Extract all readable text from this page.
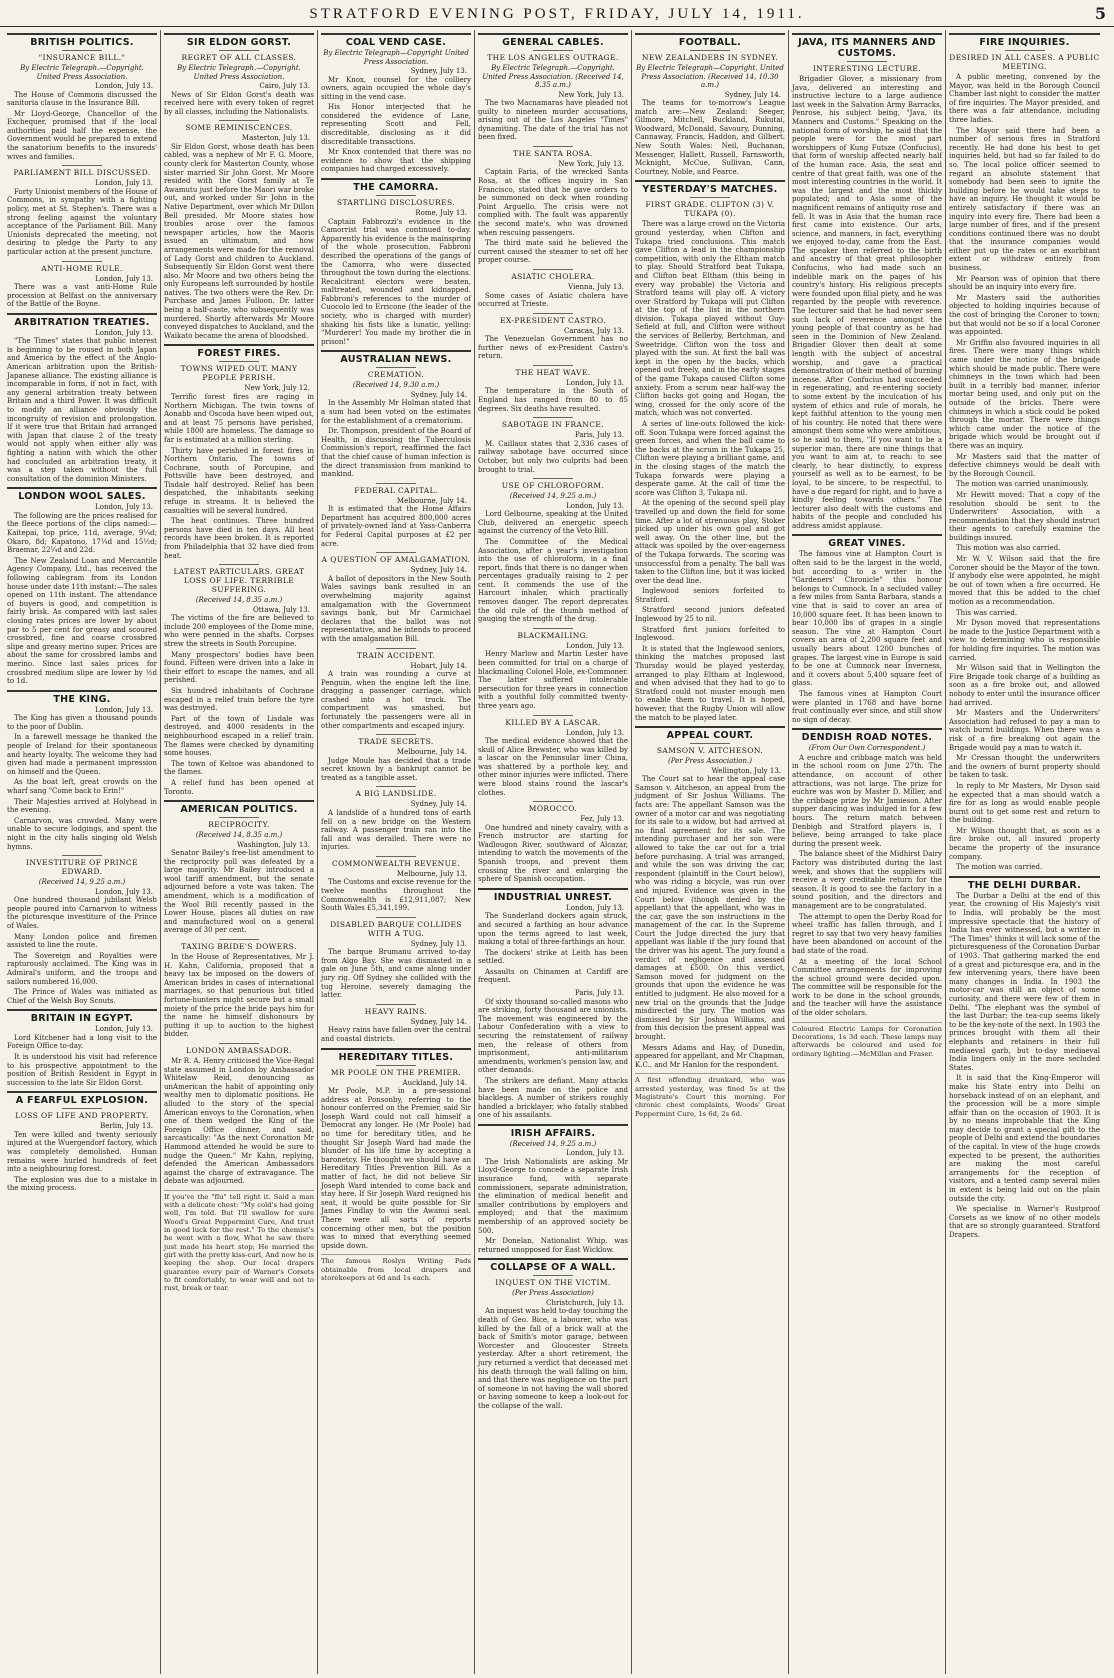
STRATFORD EVENING POST, FRIDAY, JULY 14, 1911.	5
BRITISH POLITICS.
"INSURANCE BILL."
By Electric Telegraph.—Copyright. United Press Association.
London, July 13.

The House of Commons discussed the sanitoria clause in the Insurance Bill.

Mr Lloyd-George, Chancellor of the Exchequer, promised that if the local authorities paid half the expense, the Government would be prepared to extend the sanatorium benefits to the insureds' wives and families.

PARLIAMENT BILL DISCUSSED.
London, July 13.

Forty Unionist members of the House of Commons, in sympathy with a fighting policy, met at St. Stephen's. There was a strong feeling against the voluntary acceptance of the Parliament Bill. Many Unionists deprecated the meeting, not desiring to pledge the Party to any particular action at the present juncture.

ANTI-HOME RULE.
London, July 13.

There was a vast anti-Home Rule procession at Belfast on the anniversary of the Battle of the Boyne.

ARBITRATION TREATIES.
London, July 13.

"The Times" states that public interest is beginning to be roused in both Japan and America by the effect of the Anglo-American arbitration upon the British-Japanese alliance. The existing alliance is incomparable in form, if not in fact, with any general arbitration treaty between Britain and a third Power. It was difficult to modify an alliance obviously the incongruity of revision and prolongation. If it were true that Britain had arranged with Japan that clause 2 of the treaty would not apply when either ally was fighting a nation with which the other had concluded an arbitration treaty, it was a step taken without the full consultation of the dominion Ministers.

LONDON WOOL SALES.
London, July 13.

The following are the prices realised for the fleece portions of the clips named:—Kaitepai, top price, 11d, average, 9¼d; Okaro, 8d; Kapatono, 17¼d and 15½d; Braemar, 22¼d and 22d.

The New Zealand Loan and Mercantile Agency Company, Ltd., has received the following cablegram from its London house under date 11th instant:—The sales opened on 11th instant. The attendance of buyers is good, and competition is fairly brisk. As compared with last sales closing rates prices are lower by about par to 5 per cent for greasy and scoured crossbred, fine and coarse crossbred slipe and greasy merino super. Prices are about the same for crossbred lambs and merino. Since last sales prices for crossbred medium slipe are lower by ½d to 1d.

THE KING.
London, July 13.

The King has given a thousand pounds to the poor of Dublin.

In a farewell message he thanked the people of Ireland for their spontaneous and hearty loyalty. The welcome they had given had made a permanent impression on himself and the Queen.

As the boat left, great crowds on the wharf sang "Come back to Erin!"

Their Majesties arrived at Holyhead in the evening.

Carnarvon, was crowded. Many were unable to secure lodgings, and spent the night in the city halls singing old Welsh hymns.

INVESTITURE OF PRINCE EDWARD.
(Received 14, 9.25 a.m.)
London, July 13.

One hundred thousand jubilant Welsh people poured into Carnarvon to witness the picturesque investiture of the Prince of Wales.

Many London police and firemen assisted to line the route.

The Sovereign and Royalties were rapturously acclaimed. The King was in Admiral's uniform, and the troops and sailors numbered 16,000.

The Prince of Wales was initiated as Chief of the Welsh Boy Scouts.

BRITAIN IN EGYPT.
London, July 13.

Lord Kitchener had a long visit to the Foreign Office to-day.

It is understood his visit had reference to his prospective appointment to the position of British Resident in Egypt in succession to the late Sir Eldon Gorst.

A FEARFUL EXPLOSION.
LOSS OF LIFE AND PROPERTY.
Berlin, July 13.

Ten were killed and twenty seriously injured at the Wuergendorf factory, which was completely demolished. Human remains were hurled hundreds of feet into a neighbouring forest.

The explosion was due to a mistake in the mixing process.

SIR ELDON GORST.
REGRET OF ALL CLASSES.
By Electric Telegraph.—Copyright. United Press Association.
Cairo, July 13.

News of Sir Eldon Gorst's death was received here with every token of regret by all classes, including the Nationalists.

SOME REMINISCENCES.
Masterton, July 13.

Sir Eldon Gorst, whose death has been cabled, was a nephew of Mr F. G. Moore, county clerk for Masterton County, whose sister married Sir John Gorst. Mr Moore resided with the Gorst family at Te Awamutu just before the Maori war broke out, and worked under Sir John in the Native Department, over which Mr Dillon Bell presided. Mr Moore states how troubles arose over the famous newspaper articles, how the Maoris issued an ultimatum, and how arrangements were made for the removal of Lady Gorst and children to Auckland. Subsequently Sir Eldon Gorst went there also. Mr Moore and two others being the only Europeans left surrounded by hostile natives. The two others were the Rev. Dr. Purchase and James Fulloon. Dr. latter being a half-caste, who subsequently was murdered. Shortly afterwards Mr Moore conveyed dispatches to Auckland, and the Waikato became the arena of bloodshed.

FOREST FIRES.
TOWNS WIPED OUT. MANY PEOPLE PERISH.
New York, July 12.

Terrific forest fires are raging in Northern Michigan. The twin towns of Aonabb and Oscoda have been wiped out, and at least 75 persons have perished, while 1800 are homeless. The damage so far is estimated at a million sterling.

Thirty have perished in forest fires in Northern Ontario. The towns of Cochrane, south of Porcupine, and Pottsville have been destroyed, and Tisdale half destroyed. Relief has been despatched, the inhabitants seeking refuge in streams. It is believed the casualties will be several hundred.

The heat continues. Three hundred persons have died in ten days. All heat records have been broken. It is reported from Philadelphia that 32 have died from heat.

LATEST PARTICULARS. GREAT LOSS OF LIFE. TERRIBLE SUFFERING.
(Received 14, 8.35 a.m.)
Ottawa, July 13.

The victims of the fire are believed to include 200 employees of the Dome mine, who were penned in the shafts. Corpses strew the streets in South Porcupine.

Many prospectors' bodies have been found. Fifteen were driven into a lake in their effort to escape the names, and all perished.

Six hundred inhabitants of Cochrane escaped in a relief train before the tyre was destroyed.

Part of the town of Lisdale was destroyed, and 4000 residents in the neighbourhood escaped in a relief train. The flames were checked by dynamiting some houses.

The town of Kelsoe was abandoned to the flames.

A relief fund has been opened at Toronto.

AMERICAN POLITICS.
RECIPROCITY.
(Received 14, 8.35 a.m.)
Washington, July 13.

Senator Bailey's free-list amendment to the reciprocity poll was defeated by a large majority. Mr Bailey introduced a wool tariff amendment, but the senate adjourned before a vote was taken. The amendment, which is a modification of the Wool Bill recently passed in the Lower House, places all duties on raw and manufactured wool on a general average of 30 per cent.

TAXING BRIDE'S DOWERS.

In the House of Representatives, Mr J. H. Kahn, California, proposed that a heavy tax be imposed on the dowers of American brides in cases of international marriages, so that penurious but titled fortune-hunters might secure but a small moiety of the price the bride pays him for the name he himself dishonours by putting it up to auction to the highest bidder.

LONDON AMBASSADOR.

Mr R. A. Henry criticised the Vice-Regal state assumed in London by Ambassador Whitelaw Reid, denouncing as unAmerican the habit of appointing only wealthy men to diplomatic positions. He alluded to the story of the special American envoys to the Coronation, when one of them wedged the King of the Foreign Office dinner, and said, sarcastically: "As the next Coronation Mr Hammond attended he would be sure to nudge the Queen." Mr Kahn, replying, defended the American Ambassadors against the charge of extravagance. The debate was adjourned.

If you've the "flu" tell right it. Said a man with a delicate chest: "My cold's had going well, I'm told. But I'll swallow for sure Wood's Great Peppermint Cure, And trust in good luck for the rest." To the chemist's he went with a flow, What he saw there just made his heart stop; He married the girl with the pretty kiss-curl, And now he is keeping the shop. Our local drapers guarantee every pair of Warner's Corsets to fit comfortably, to wear well and not to rust, break or tear.
COAL VEND CASE.
By Electric Telegraph—Copyright United Press Association.
Sydney, July 13.

Mr Knox, counsel for the colliery owners, again occupied the whole day's sitting in the vend case.

His Honor interjected that he considered the evidence of Lane, representing Scott and Fell, discreditable, disclosing as it did discreditable transactions.

Mr Knox contended that there was no evidence to show that the shipping companies had charged excessively.

THE CAMORRA.
STARTLING DISCLOSURES.
Rome, July 13.

Captain Fabbrozzi's evidence in the Camorrist trial was continued to-day. Apparently his evidence is the mainspring of the whole prosecution. Fabbroni described the operations of the gangs of the Camorra, who were dissected throughout the town during the elections. Recalcitrant electors were beaten, maltreated, wounded and kidnapped. Fabbroni's references to the murder of Cuocolo led to Erricone (the leader of the society, who is charged with murder) shaking his fists like a lunatic, yelling: "Murderer! You made my brother die in prison!"

AUSTRALIAN NEWS.
CREMATION.
(Received 14, 9.30 a.m.)
Sydney, July 14.

In the Assembly Mr Holman stated that a sum had been voted on the estimates for the establishment of a crematorium.

Dr. Thompson, president of the Board of Health, in discussing the Tuberculosis Commission's report, reaffirmed the fact that the chief cause of human infection is the direct transmission from mankind to mankind.

FEDERAL CAPITAL.
Melbourne, July 14.

It is estimated that the Home Affairs Department has acquired 800,000 acres of privately-owned land at Yass-Canberra for Federal Capital purposes at £2 per acre.

A QUESTION OF AMALGAMATION.
Sydney, July 14.

A ballot of depositors in the New South Wales savings bank resulted in an overwhelming majority against amalgamation with the Government savings bank, but Mr Carmichael declares that the ballot was not representative, and he intends to proceed with the amalgamation Bill.

TRAIN ACCIDENT.
Hobart, July 14.

A train was rounding a curve at Penguin, when the engine left the line, dragging a passenger carriage, which crashed into a hot truck. The compartment was smashed, but fortunately the passengers were all in other compartments and escaped injury.

TRADE SECRETS.
Melbourne, July 14.

Judge Moule has decided that a trade secret known by a bankrupt cannot be treated as a tangible asset.

A BIG LANDSLIDE.
Sydney, July 14.

A landslide of a hundred tons of earth fell on a new bridge on the Western railway. A passenger train ran into the fall and was derailed. There were no injuries.

COMMONWEALTH REVENUE.
Melbourne, July 13.

The Customs and excise revenue for the twelve months throughout the Commonwealth is £12,911,087; New South Wales £5,341,199.

DISABLED BARQUE COLLIDES WITH A TUG.
Sydney, July 13.

The barque Brumanu arrived to-day from Algo Bay. She was dismasted in a gale on June 5th, and came along under jury rig. Off Sydney she collided with the tug Heroine, severely damaging the latter.

HEAVY RAINS.
Sydney, July 14.

Heavy rains have fallen over the central and coastal districts.

HEREDITARY TITLES.
MR POOLE ON THE PREMIER.
Auckland, July 14.

Mr Poole, M.P. in a pre-sessional address at Ponsonby, referring to the honour conferred on the Premier, said Sir Joseph Ward could not call himself a Democrat any longer. He (Mr Poole) had no time for hereditary titles, and he thought Sir Joseph Ward had made the blunder of his life time by accepting a baronetcy. He thought we should have an Hereditary Titles Prevention Bill. As a matter of fact, he did not believe Sir Joseph Ward intended to come back and stay here. If Sir Joseph Ward resigned his seat, it would be quite possible for Sir James Findlay to win the Awanui seat. There were all sorts of reports concerning other men, but the position was to mixed that everything seemed upside down.

The famous Roslyn Writing Pads obtainable from local drapers and storekeepers at 6d and 1s each.
GENERAL CABLES.
THE LOS ANGELES OUTRAGE.
By Electric Telegraph.—Copyright. United Press Association. (Received 14, 8.35 a.m.)
New York, July 13.

The two Macnamaras have pleaded not guilty to nineteen murder accusations, arising out of the Los Angeles "Times" dynamiting. The date of the trial has not been fixed.

THE SANTA ROSA.
New York, July 13.

Captain Faria, of the wrecked Santa Rosa, at the offices inquiry in San Francisco, stated that he gave orders to be summoned on deck when rounding Point Arguello. The crisis were not complied with. The fault was apparently the second mate's, who was drowned when rescuing passengers.

The third mate said he believed the current caused the steamer to set off her proper course.

ASIATIC CHOLERA.
Vienna, July 13.

Some cases of Asiatic cholera have occurred at Trieste.

EX-PRESIDENT CASTRO.
Caracas, July 13.

The Venezuelan Government has no further news of ex-President Castro's return.

THE HEAT WAVE.
London, July 13.

The temperature in the South of England has ranged from 80 to 85 degrees. Six deaths have resulted.

SABOTAGE IN FRANCE.
Paris, July 13.

M. Caillaux states that 2,336 cases of railway sabotage have occurred since October, but only two culprits had been brought to trial.

USE OF CHLOROFORM.
(Received 14, 9.25 a.m.)
London, July 13.

Lord Gelbourne, speaking at the United Club, delivered an energetic speech against the currency of the Veto Bill.

The Committee of the Medical Association, after a year's investigation into the use of chloroform, in a final report, finds that there is no danger when percentages gradually raising to 2 per cent. It commends the use of the Harcourt inhaler, which practically removes danger. The report deprecates the old rule of the thumb method of gauging the strength of the drug.

BLACKMAILING.
London, July 13.

Henry Marlow and Martin Lester have been committed for trial on a charge of blackmailing Colonel Hole, ex-Commoner. The latter suffered intolerable persecution for three years in connection with a youthful folly committed twenty-three years ago.

KILLED BY A LASCAR.
London, July 13.

The medical evidence showed that the skull of Alice Brewster, who was killed by a lascar on the Peninsular liner China, was shattered by a porthole key, and other minor injuries were inflicted. There were blood stains round the lascar's clothes.

MOROCCO.
Fez, July 13.

One hundred and ninety cavalry, with a French instructor are starting for Wadlougon River, southward of Alcazar, intending to watch the movements of the Spanish troops, and prevent them crossing the river and enlarging the sphere of Spanish occupation.

INDUSTRIAL UNREST.
London, July 13.

The Sunderland dockers again struck, and secured a farthing an hour advance upon the terms agreed to last week, making a total of three-farthings an hour.

The dockers' strike at Leith has been settled.

Assaults on Chinamen at Cardiff are frequent.

Paris, July 13.

Of sixty thousand so-called masons who are striking, forty thousand are unionists. The movement was engineered by the Labour Confederation with a view to securing the reinstatement of railway men, the release of others from imprisonment, anti-militarism amendments, workmen's pension law, and other demands.

The strikers are defiant. Many attacks have been made on the police and blacklegs. A number of strikers roughly handled a bricklayer, who fatally stabbed one of his assailants.

IRISH AFFAIRS.
(Received 14, 9.25 a.m.)
London, July 13.

The Irish Nationalists are asking Mr Lloyd-George to concede a separate Irish insurance fund, with separate commissioners, separate administration, the elimination of medical benefit and smaller contributions by employers and employed; and that the maximum membership of an approved society be 500.

Mr Donelan, Nationalist Whip, was returned unopposed for East Wicklow.

COLLAPSE OF A WALL.
INQUEST ON THE VICTIM.
(Per Press Association)
Christchurch, July 13.

An inquest was held to-day touching the death of Geo. Bice, a labourer, who was killed by the fall of a brick wall at the back of Smith's motor garage, between Worcester and Gloucester Streets yesterday. After a short retirement, the jury returned a verdict that deceased met his death through the wall falling on him, and that there was negligence on the part of someone in not having the wall shored or having someone to keep a look-out for the collapse of the wall.

FOOTBALL.
NEW ZEALANDERS IN SYDNEY.
By Electric Telegraph—Copyright. United Press Association. (Received 14, 10.30 a.m.)
Sydney, July 14.

The teams for to-morrow's League match are:—New Zealand: Seeger, Gilmore, Mitchell, Buckland, Rukutai, Woodward, McDonald, Savoury, Dunning, Cannaway, Francis, Haddon, and Gilbert. New South Wales: Neil, Buchanan, Messenger, Hallett, Russell, Farnsworth, Mcknight, McCue, Sullivan, Cann, Courtney, Noble, and Fearce.

YESTERDAY'S MATCHES.
FIRST GRADE. CLIFTON (3) V. TUKAPA (0).

There was a large crowd on the Victoria ground yesterday, when Clifton and Tukapa tried conclusions. This match gave Clifton a lead in the championship competition, with only the Eltham match to play. Should Stratford beat Tukapa, and Clifton beat Eltham (this being in every way probable) the Victoria and Stratford teams will play off. A victory over Stratford by Tukapa will put Clifton at the top of the list in the northern division. Tukapa played without Guy-Sefield at full, and Clifton were without the services of Bellerby, Bertchman, and Sweetridge. Clifton won the toss and played with the sun. At first the ball was kept in the open by the backs, which opened out freely, and in the early stages of the game Tukapa caused Clifton some anxiety. From a scrum near half-way the Clifton backs got going and Hogan, the wing, crossed for the only score of the match, which was not converted.

A series of line-outs followed the kick-off. Soon Tukapa were forced against the green forces, and when the ball came to the backs at the scrum in the Tukapa 25, Clifton were playing a brilliant game, and in the closing stages of the match the Tukapa forwards were playing a desperate game. At the call of time the score was Clifton 3, Tukapa nil.

At the opening of the second spell play travelled up and down the field for some time. After a lot of strenuous play, Stoker picked up under his own goal and got well away. On the other line, but the attack was spoiled by the over-eagerness of the Tukapa forwards. The scoring was unsuccessful from a penalty. The ball was taken to the Clifton line, but it was kicked over the dead line.

Inglewood seniors forfeited to Stratford.

Stratford second juniors defeated Inglewood by 25 to nil.

Stratford first juniors forfeited to Inglewood.

It is stated that the Inglewood seniors, thinking the matches proposed last Thursday would be played yesterday, arranged to play Eltham at Inglewood, and when advised that they had to go to Stratford could not muster enough men to enable them to travel. It is hoped, however, that the Rugby Union will allow the match to be played later.

APPEAL COURT.
SAMSON V. AITCHESON.
(Per Press Association.)
Wellington, July 13.

The Court sat to hear the appeal case Samson v. Aitcheson, an appeal from the judgment of Sir Joshua Williams. The facts are: The appellant Samson was the owner of a motor car and was negotiating for its sale to a widow, but had arrived at no final agreement for its sale. The intending purchaser and her son were allowed to take the car out for a trial before purchasing. A trial was arranged, and while the son was driving the car, respondent (plaintiff in the Court below), who was riding a bicycle, was run over and injured. Evidence was given in the Court below (though denied by the appellant) that the appellant, who was in the car, gave the son instructions in the management of the car. In the Supreme Court the Judge directed the jury that appellant was liable if the jury found that the driver was his agent. The jury found a verdict of negligence and assessed damages at £500. On this verdict, Samson moved for judgment on the grounds that upon the evidence he was entitled to judgment. He also moved for a new trial on the grounds that the Judge misdirected the jury. The motion was dismissed by Sir Joshua Williams, and from this decision the present appeal was brought.

Messrs Adams and Hay, of Dunedin, appeared for appellant, and Mr Chapman, K.C., and Mr Hanlon for the respondent.

A first offending drunkard, who was arrested yesterday, was fined 5s at the Magistrate's Court this morning. For chronic chest complaints, Woods' Great Peppermint Cure, 1s 6d, 2s 6d.
JAVA, ITS MANNERS AND CUSTOMS.
INTERESTING LECTURE.

Brigadier Glover, a missionary from Java, delivered an interesting and instructive lecture to a large audience last week in the Salvation Army Barracks, Penrose, his subject being, "Java, its Manners and Customs." Speaking on the national form of worship, he said that the people were for the most part worshippers of Kung Futsze (Confucius), that form of worship affected nearly half of the human race. Asia, the seat and centre of that great faith, was one of the most interesting countries in the world. It was the largest and the most thickly populated; and to Asia some of the magnificent remains of antiquity rose and fell. It was in Asia that the human race first came into existence. Our arts, science, and manners, in fact, everything we enjoyed to-day, came from the East. The speaker then referred to the birth and ancestry of that great philosopher Confucius, who had made such an indelible mark on the pages of his country's history. His religious precepts were founded upon filial piety, and he was regarded by the people with reverence. The lecturer said that he had never seen such lack of reverence amongst the young people of that country as he had seen in the Dominion of New Zealand. Brigadier Glover then dealt at some length with the subject of ancestral worship, and gave a practical demonstration of their method of burning incense. After Confucius had succeeded in regenerating, and re-entering society to some extent by the inculcation of his system of ethics and rule of morals, he kept faithful attention to the young men of his country. He noted that there were amongst them some who were ambitious, so he said to them, "If you want to be a superior man, there are nine things that you want to aim at, to reach: to see clearly, to hear distinctly, to express yourself as well as to be earnest, to be loyal, to be sincere, to be respectful, to have a due regard for right, and to have a kindly feeling towards others." The lecturer also dealt with the customs and habits of the people and concluded his address amidst applause.

GREAT VINES.

The famous vine at Hampton Court is often said to be the largest in the world, but according to a writer in the "Gardeners' Chronicle" this honour belongs to Cumnock. In a secluded valley a few miles from Santa Barbara, stands a vine that is said to cover an area of 10,000 square feet. It has been known to bear 10,000 lbs of grapes in a single season. The vine at Hampton Court covers an area of 2,200 square feet and usually bears about 1200 bunches of grapes. The largest vine in Europe is said to be one at Cumnock near Inverness, and it covers about 5,400 square feet of glass.

The famous vines at Hampton Court were planted in 1768 and have borne fruit continually ever since, and still show no sign of decay.

DENDISH ROAD NOTES.
(From Our Own Correspondent.)

A euchre and cribbage match was held in the school room on June 27th. The attendance, on account of other attractions, was not large. The prize for euchre was won by Master D. Miller, and the cribbage prize by Mr Jamieson. After supper dancing was indulged in for a few hours. The return match between Denbigh and Stratford players is, I believe, being arranged to take place during the present week.

The balance sheet of the Midhirst Dairy Factory was distributed during the last week, and shows that the suppliers will receive a very creditable return for the season. It is good to see the factory in a sound position, and the directors and management are to be congratulated.

The attempt to open the Derby Road for wheel traffic has fallen through, and I regret to say that two very heavy families have been abandoned on account of the bad state of the road.

At a meeting of the local School Committee arrangements for improving the school ground were decided upon. The committee will be responsible for the work to be done in the school grounds, and the teacher will have the assistance of the older scholars.

Coloured Electric Lamps for Coronation Decorations, 1s 3d each. These lamps may afterwards be coloured and used for ordinary lighting.—McMillan and Fraser.
FIRE INQUIRIES.
DESIRED IN ALL CASES. A PUBLIC MEETING.

A public meeting, convened by the Mayor, was held in the Borough Council Chamber last night to consider the matter of fire inquiries. The Mayor presided, and there was a fair attendance, including three ladies.

The Mayor said there had been a number of serious fires in Stratford recently. He had done his best to get inquiries held, but had so far failed to do so. The local police officer seemed to regard an absolute statement that somebody had been seen to ignite the building before he would take steps to have an inquiry. He thought it would be entirely satisfactory if there was an inquiry into every fire. There had been a large number of fires, and if the present conditions continued there was no doubt that the insurance companies would either put up the rates or an exorbitant extent or withdraw entirely from business.

Mr Pearson was of opinion that there should be an inquiry into every fire.

Mr Masters said the authorities objected to holding inquiries because of the cost of bringing the Coroner to town; but that would not be so if a local Coroner was appointed.

Mr Griffin also favoured inquiries in all fires. There were many things which came under the notice of the brigade which should be made public. There were chimneys in the town which had been built in a terribly bad manner, inferior mortar being used, and only put on the outside of the bricks. There were chimneys in which a stick could be poked through the mortar. There were things which came under the notice of the brigade which would be brought out if there was an inquiry.

Mr Masters said that the matter of defective chimneys would be dealt with by the Borough Council.

The motion was carried unanimously.

Mr Hewitt moved: That a copy of the resolution should be sent to the Underwriters' Association, with a recommendation that they should instruct their agents to carefully examine the buildings insured.

This motion was also carried.

Mr W. V. Wilson said that the fire Coroner should be the Mayor of the town. If anybody else were appointed, he might be out of town when a fire occurred. He moved that this be added to the chief motion as a recommendation.

This was carried.

Mr Dyson moved that representations be made to the Justice Department with a view to determining who is responsible for holding fire inquiries. The motion was carried.

Mr Wilson said that in Wellington the Fire Brigade took charge of a building as soon as a fire broke out, and allowed nobody to enter until the insurance officer had arrived.

Mr Masters and the Underwriters' Association had refused to pay a man to watch burnt buildings. When there was a risk of a fire breaking out again the Brigade would pay a man to watch it.

Mr Cressan thought the underwriters and the owners of burnt property should be taken to task.

In reply to Mr Masters, Mr Dyson said he expected that a man should watch a fire for as long as would enable people burnt out to get some rest and return to the building.

Mr Wilson thought that, as soon as a fire broke out, all insured property became the property of the insurance company.

The motion was carried.

THE DELHI DURBAR.

The Durbar a Delhi at the end of this year, the crowning of His Majesty's visit to India, will probably be the most impressive spectacle that the history of India has ever witnessed, but a writer in "The Times" thinks it will lack some of the picturesqueness of the Coronation Durbar of 1903. That gathering marked the end of a great and picturesque era, and in the few intervening years, there have been many changes in India. In 1903 the motor-car was still an object of some curiosity, and there were few of them in Delhi. "The elephant was the symbol of the last Durbar; the tea-cup seems likely to be the key-note of the next. In 1903 the princes brought with them all their elephants and retainers in their full mediaeval garb, but to-day mediaeval India lingers only in the more secluded States.

It is said that the King-Emperor will make his State entry into Delhi on horseback instead of on an elephant, and the procession will be a more simple affair than on the occasion of 1903. It is by no means improbable that the King may decide to grant a special gift to the people of Delhi and extend the boundaries of the capital. In view of the huge crowds expected to be present, the authorities are making the most careful arrangements for the reception of visitors, and a tented camp several miles in extent is being laid out on the plain outside the city.

We specialise in Warner's Rustproof Corsets as we know of no other models that are so strongly guaranteed. Stratford Drapers.
